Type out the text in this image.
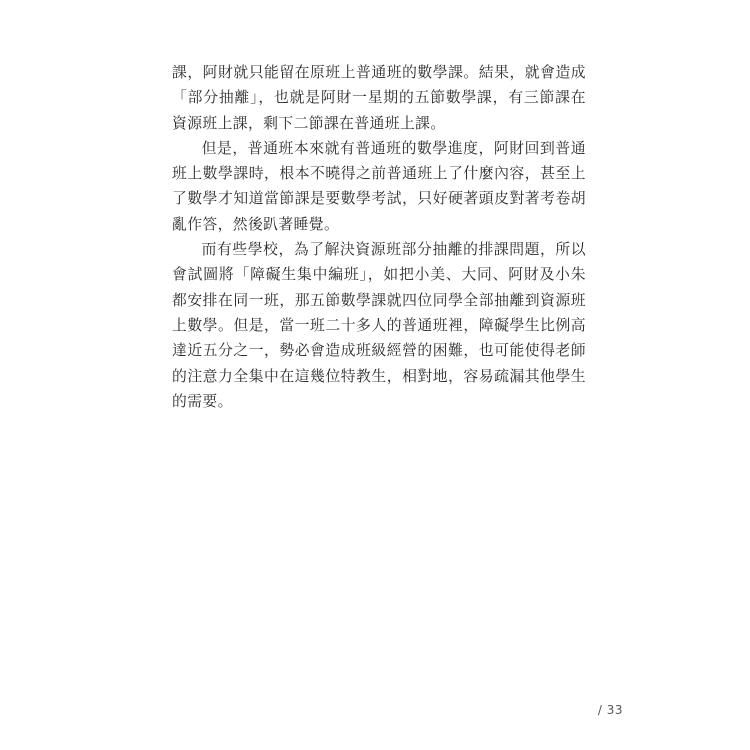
課，阿財就只能留在原班上普通班的數學課。結果，就會造成「部分抽離」，也就是阿財一星期的五節數學課，有三節課在資源班上課，剩下二節課在普通班上課。

但是，普通班本來就有普通班的數學進度，阿財回到普通班上數學課時，根本不曉得之前普通班上了什麼內容，甚至上了數學才知道當節課是要數學考試，只好硬著頭皮對著考卷胡亂作答，然後趴著睡覺。

而有些學校，為了解決資源班部分抽離的排課問題，所以會試圖將「障礙生集中編班」，如把小美、大同、阿財及小朱都安排在同一班，那五節數學課就四位同學全部抽離到資源班上數學。但是，當一班二十多人的普通班裡，障礙學生比例高達近五分之一，勢必會造成班級經營的困難，也可能使得老師的注意力全集中在這幾位特教生，相對地，容易疏漏其他學生的需要。

/ 33
